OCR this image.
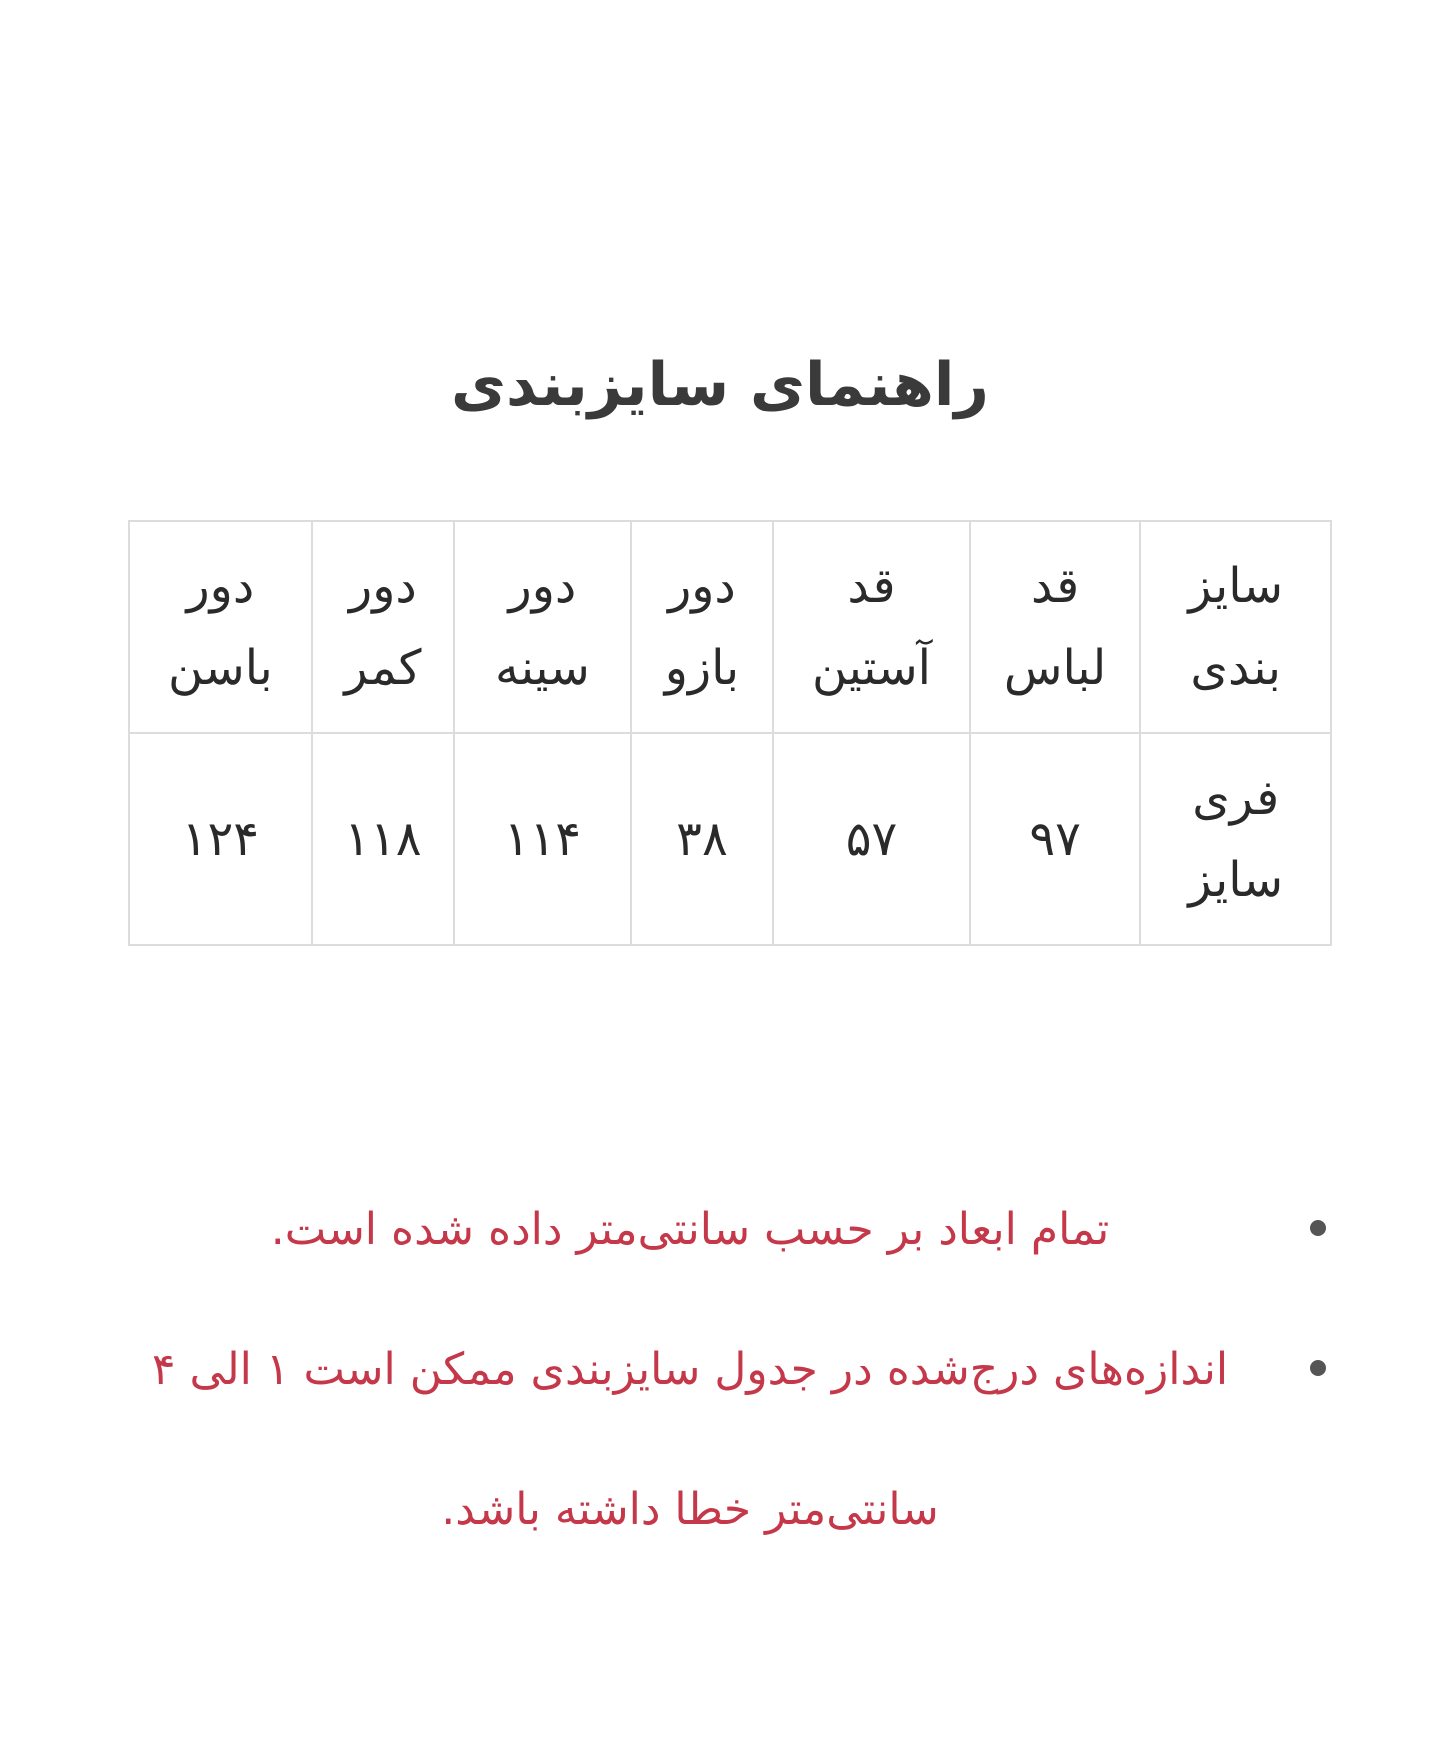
راهنمای سایزبندی
سایز بندی	قد لباس	قد آستین	دور بازو	دور سینه	دور کمر	دور باسن
فری سایز	۹۷	۵۷	۳۸	۱۱۴	۱۱۸	۱۲۴
تمام ابعاد بر حسب سانتی‌متر داده شده است.
اندازه‌های درج‌شده در جدول سایزبندی ممکن است ۱ الی ۴ سانتی‌متر خطا داشته باشد.
